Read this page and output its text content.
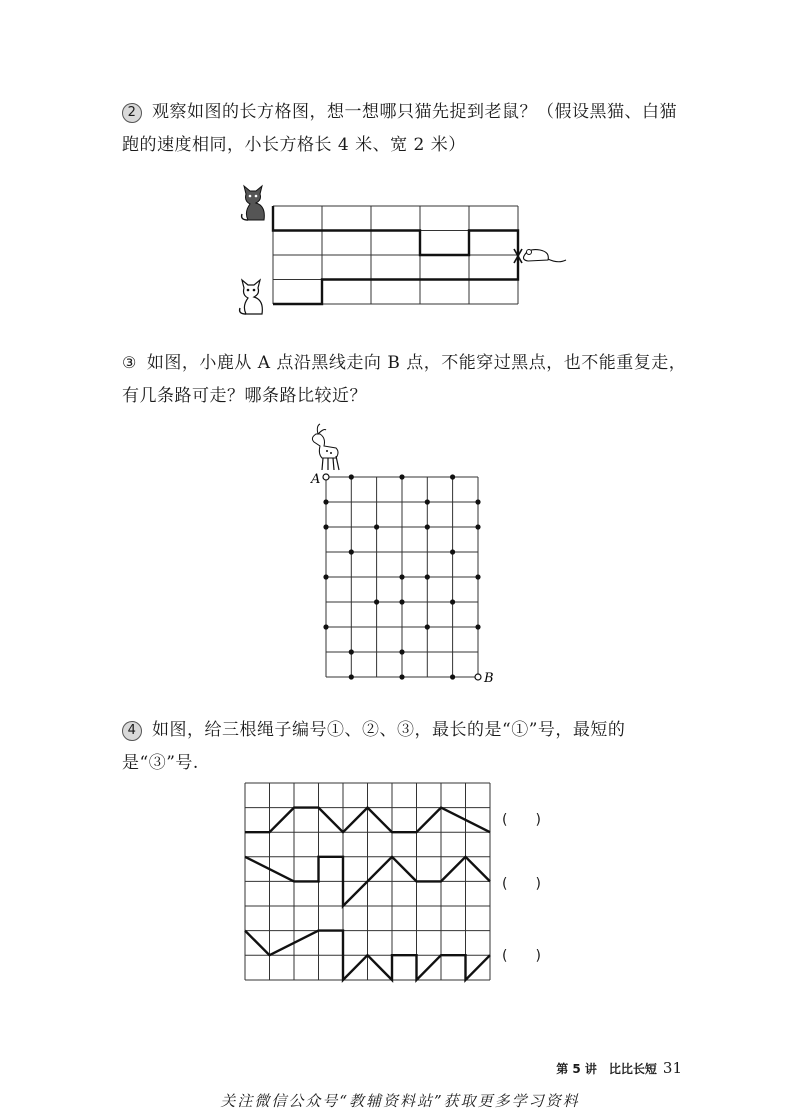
2 观察如图的长方格图，想一想哪只猫先捉到老鼠？（假设黑猫、白猫跑的速度相同，小长方格长 4 米、宽 2 米）
③ 如图，小鹿从 A 点沿黑线走向 B 点，不能穿过黑点，也不能重复走，有几条路可走？哪条路比较近？
A
B
4 如图，给三根绳子编号①、②、③，最长的是“①”号，最短的是“③”号.
(　　)
(　　)
(　　)
第 5 讲　比比长短 31
关注微信公众号“教辅资料站”获取更多学习资料
